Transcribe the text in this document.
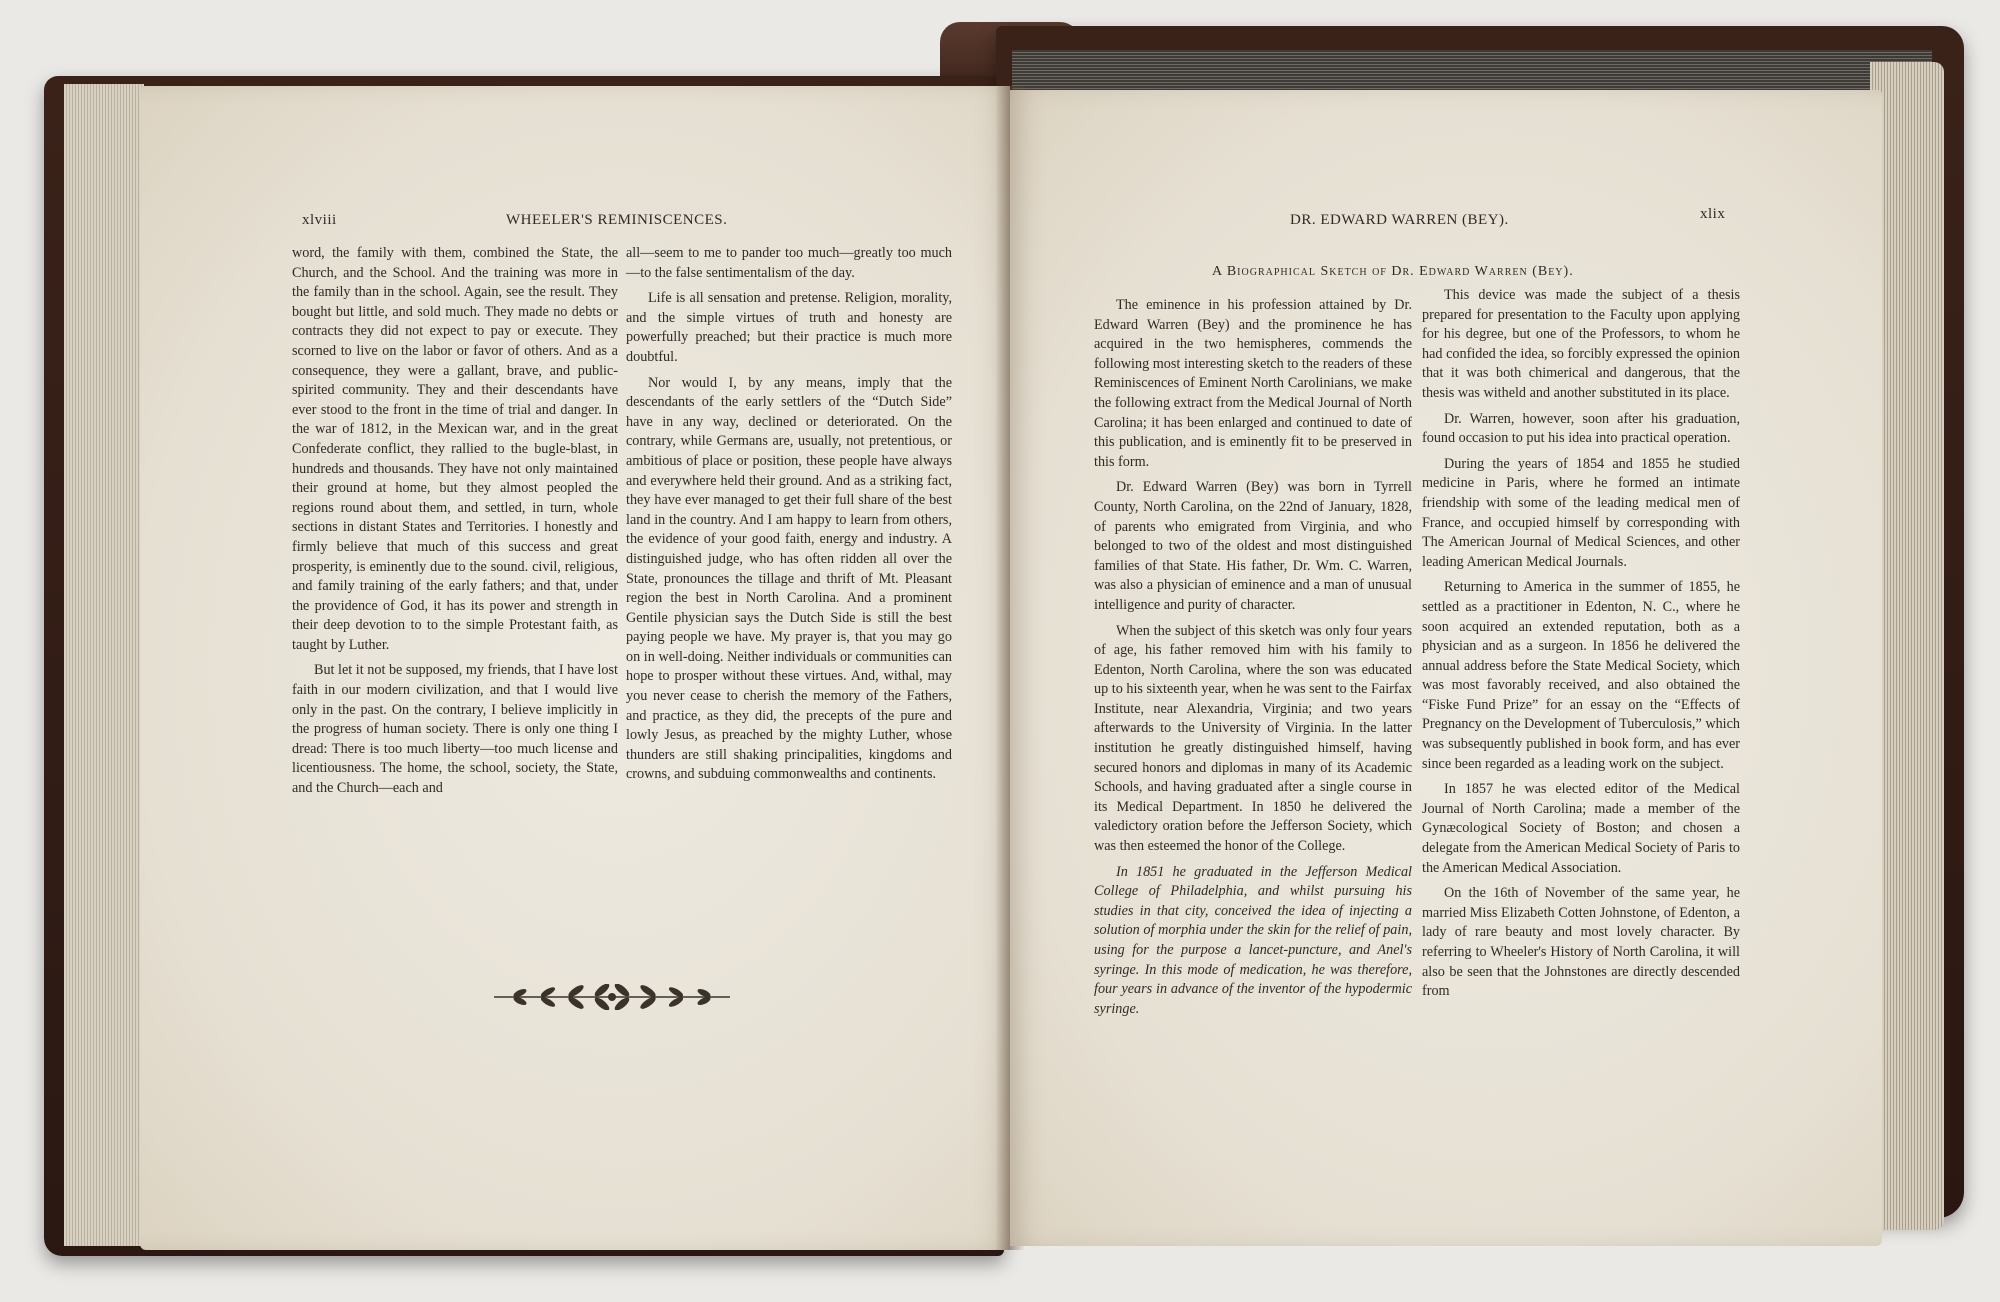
xlviii	WHEELER'S REMINISCENCES.

word, the family with them, combined the State, the Church, and the School. And the training was more in the family than in the school. Again, see the result. They bought but little, and sold much. They made no debts or contracts they did not expect to pay or execute. They scorned to live on the labor or favor of others. And as a consequence, they were a gallant, brave, and public-spirited community. They and their descendants have ever stood to the front in the time of trial and danger. In the war of 1812, in the Mexican war, and in the great Confederate conflict, they rallied to the bugle-blast, in hundreds and thousands. They have not only maintained their ground at home, but they almost peopled the regions round about them, and settled, in turn, whole sections in distant States and Territories. I honestly and firmly believe that much of this success and great prosperity, is eminently due to the sound. civil, religious, and family training of the early fathers; and that, under the providence of God, it has its power and strength in their deep devotion to to the simple Protestant faith, as taught by Luther.

But let it not be supposed, my friends, that I have lost faith in our modern civilization, and that I would live only in the past. On the contrary, I believe implicitly in the progress of human society. There is only one thing I dread: There is too much liberty—too much license and licentiousness. The home, the school, society, the State, and the Church—each and

all—seem to me to pander too much—greatly too much—to the false sentimentalism of the day.

Life is all sensation and pretense. Religion, morality, and the simple virtues of truth and honesty are powerfully preached; but their practice is much more doubtful.

Nor would I, by any means, imply that the descendants of the early settlers of the “Dutch Side” have in any way, declined or deteriorated. On the contrary, while Germans are, usually, not pretentious, or ambitious of place or position, these people have always and everywhere held their ground. And as a striking fact, they have ever managed to get their full share of the best land in the country. And I am happy to learn from others, the evidence of your good faith, energy and industry. A distinguished judge, who has often ridden all over the State, pronounces the tillage and thrift of Mt. Pleasant region the best in North Carolina. And a prominent Gentile physician says the Dutch Side is still the best paying people we have. My prayer is, that you may go on in well-doing. Neither individuals or communities can hope to prosper without these virtues. And, withal, may you never cease to cherish the memory of the Fathers, and practice, as they did, the precepts of the pure and lowly Jesus, as preached by the mighty Luther, whose thunders are still shaking principalities, kingdoms and crowns, and subduing commonwealths and continents.

DR. EDWARD WARREN (BEY).	xlix
A Biographical Sketch of Dr. Edward Warren (Bey).

The eminence in his profession attained by Dr. Edward Warren (Bey) and the prominence he has acquired in the two hemispheres, commends the following most interesting sketch to the readers of these Reminiscences of Eminent North Carolinians, we make the following extract from the Medical Journal of North Carolina; it has been enlarged and continued to date of this publication, and is eminently fit to be preserved in this form.

Dr. Edward Warren (Bey) was born in Tyrrell County, North Carolina, on the 22nd of January, 1828, of parents who emigrated from Virginia, and who belonged to two of the oldest and most distinguished families of that State. His father, Dr. Wm. C. Warren, was also a physician of eminence and a man of unusual intelligence and purity of character.

When the subject of this sketch was only four years of age, his father removed him with his family to Edenton, North Carolina, where the son was educated up to his sixteenth year, when he was sent to the Fairfax Institute, near Alexandria, Virginia; and two years afterwards to the University of Virginia. In the latter institution he greatly distinguished himself, having secured honors and diplomas in many of its Academic Schools, and having graduated after a single course in its Medical Department. In 1850 he delivered the valedictory oration before the Jefferson Society, which was then esteemed the honor of the College.

In 1851 he graduated in the Jefferson Medical College of Philadelphia, and whilst pursuing his studies in that city, conceived the idea of injecting a solution of morphia under the skin for the relief of pain, using for the purpose a lancet-puncture, and Anel's syringe. In this mode of medication, he was therefore, four years in advance of the inventor of the hypodermic syringe.

This device was made the subject of a thesis prepared for presentation to the Faculty upon applying for his degree, but one of the Professors, to whom he had confided the idea, so forcibly expressed the opinion that it was both chimerical and dangerous, that the thesis was witheld and another substituted in its place.

Dr. Warren, however, soon after his graduation, found occasion to put his idea into practical operation.

During the years of 1854 and 1855 he studied medicine in Paris, where he formed an intimate friendship with some of the leading medical men of France, and occupied himself by corresponding with The American Journal of Medical Sciences, and other leading American Medical Journals.

Returning to America in the summer of 1855, he settled as a practitioner in Edenton, N. C., where he soon acquired an extended reputation, both as a physician and as a surgeon. In 1856 he delivered the annual address before the State Medical Society, which was most favorably received, and also obtained the “Fiske Fund Prize” for an essay on the “Effects of Pregnancy on the Development of Tuberculosis,” which was subsequently published in book form, and has ever since been regarded as a leading work on the subject.

In 1857 he was elected editor of the Medical Journal of North Carolina; made a member of the Gynæcological Society of Boston; and chosen a delegate from the American Medical Society of Paris to the American Medical Association.

On the 16th of November of the same year, he married Miss Elizabeth Cotten Johnstone, of Edenton, a lady of rare beauty and most lovely character. By referring to Wheeler's History of North Carolina, it will also be seen that the Johnstones are directly descended from
